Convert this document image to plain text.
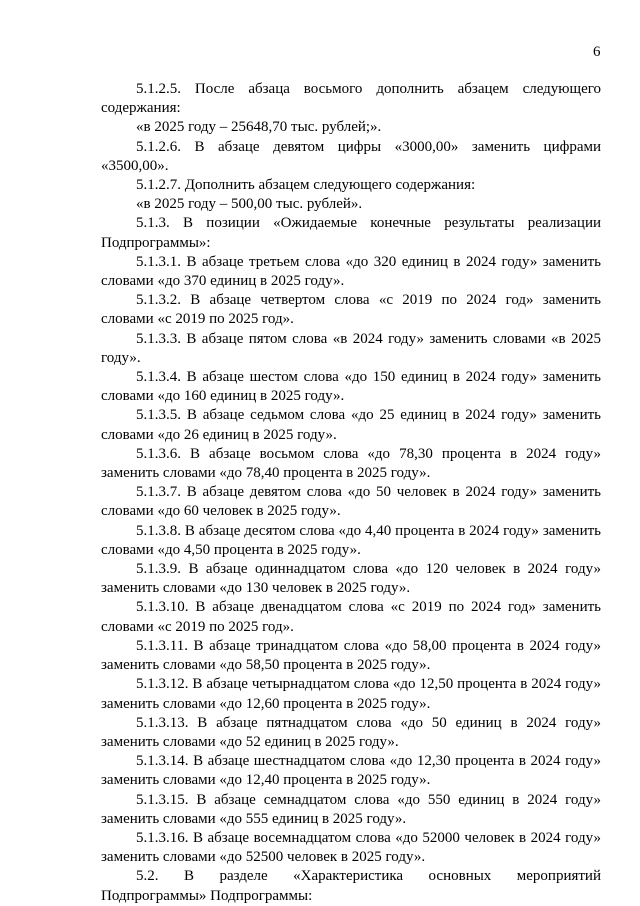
6

5.1.2.5. После абзаца восьмого дополнить абзацем следующего содержания:

«в 2025 году – 25648,70 тыс. рублей;».

5.1.2.6. В абзаце девятом цифры «3000,00» заменить цифрами «3500,00».

5.1.2.7. Дополнить абзацем следующего содержания:

«в 2025 году – 500,00 тыс. рублей».

5.1.3. В позиции «Ожидаемые конечные результаты реализации Подпрограммы»:

5.1.3.1. В абзаце третьем слова «до 320 единиц в 2024 году» заменить словами «до 370 единиц в 2025 году».

5.1.3.2. В абзаце четвертом слова «с 2019 по 2024 год» заменить словами «с 2019 по 2025 год».

5.1.3.3. В абзаце пятом слова «в 2024 году» заменить словами «в 2025 году».

5.1.3.4. В абзаце шестом слова «до 150 единиц в 2024 году» заменить словами «до 160 единиц в 2025 году».

5.1.3.5. В абзаце седьмом слова «до 25 единиц в 2024 году» заменить словами «до 26 единиц в 2025 году».

5.1.3.6. В абзаце восьмом слова «до 78,30 процента в 2024 году» заменить словами «до 78,40 процента в 2025 году».

5.1.3.7. В абзаце девятом слова «до 50 человек в 2024 году» заменить словами «до 60 человек в 2025 году».

5.1.3.8. В абзаце десятом слова «до 4,40 процента в 2024 году» заменить словами «до 4,50 процента в 2025 году».

5.1.3.9. В абзаце одиннадцатом слова «до 120 человек в 2024 году» заменить словами «до 130 человек в 2025 году».

5.1.3.10. В абзаце двенадцатом слова «с 2019 по 2024 год» заменить словами «с 2019 по 2025 год».

5.1.3.11. В абзаце тринадцатом слова «до 58,00 процента в 2024 году» заменить словами «до 58,50 процента в 2025 году».

5.1.3.12. В абзаце четырнадцатом слова «до 12,50 процента в 2024 году» заменить словами «до 12,60 процента в 2025 году».

5.1.3.13. В абзаце пятнадцатом слова «до 50 единиц в 2024 году» заменить словами «до 52 единиц в 2025 году».

5.1.3.14. В абзаце шестнадцатом слова «до 12,30 процента в 2024 году» заменить словами «до 12,40 процента в 2025 году».

5.1.3.15. В абзаце семнадцатом слова «до 550 единиц в 2024 году» заменить словами «до 555 единиц в 2025 году».

5.1.3.16. В абзаце восемнадцатом слова «до 52000 человек в 2024 году» заменить словами «до 52500 человек в 2025 году».

5.2. В разделе «Характеристика основных мероприятий Подпрограммы» Подпрограммы:
